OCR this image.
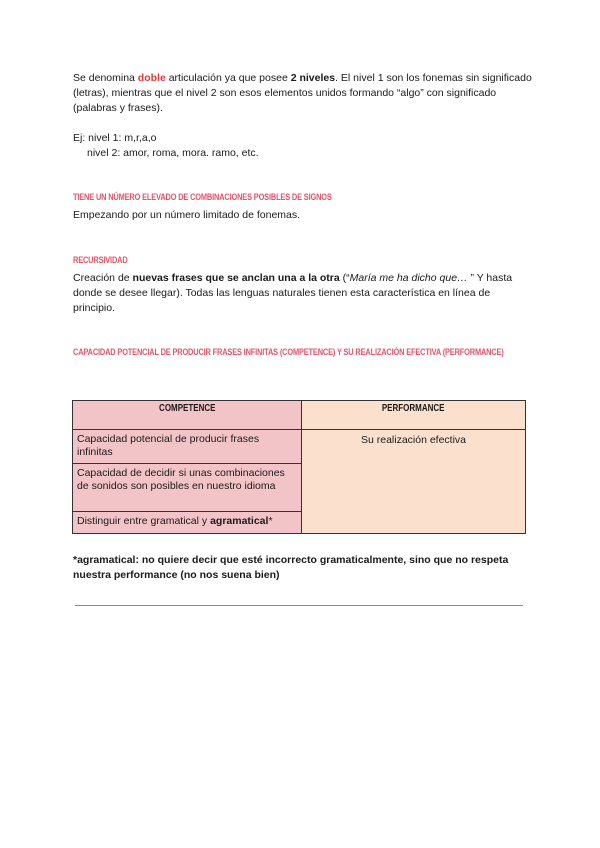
Se denomina doble articulación ya que posee 2 niveles. El nivel 1 son los fonemas sin significado (letras), mientras que el nivel 2 son esos elementos unidos formando “algo” con significado (palabras y frases).
Ej: nivel 1: m,r,a,o
nivel 2: amor, roma, mora. ramo, etc.
TIENE UN NÚMERO ELEVADO DE COMBINACIONES POSIBLES DE SIGNOS
Empezando por un número limitado de fonemas.
RECURSIVIDAD
Creación de nuevas frases que se anclan una a la otra (“María me ha dicho que… ” Y hasta donde se desee llegar). Todas las lenguas naturales tienen esta característica en línea de principio.
CAPACIDAD POTENCIAL DE PRODUCIR FRASES INFINITAS (COMPETENCE) Y SU REALIZACIÓN EFECTIVA (PERFORMANCE)
COMPETENCE	PERFORMANCE
Capacidad potencial de producir frases infinitas	Su realización efectiva
Capacidad de decidir si unas combinaciones de sonidos son posibles en nuestro idioma	
Distinguir entre gramatical y agramatical*	
*agramatical: no quiere decir que esté incorrecto gramaticalmente, sino que no respeta nuestra performance (no nos suena bien)
